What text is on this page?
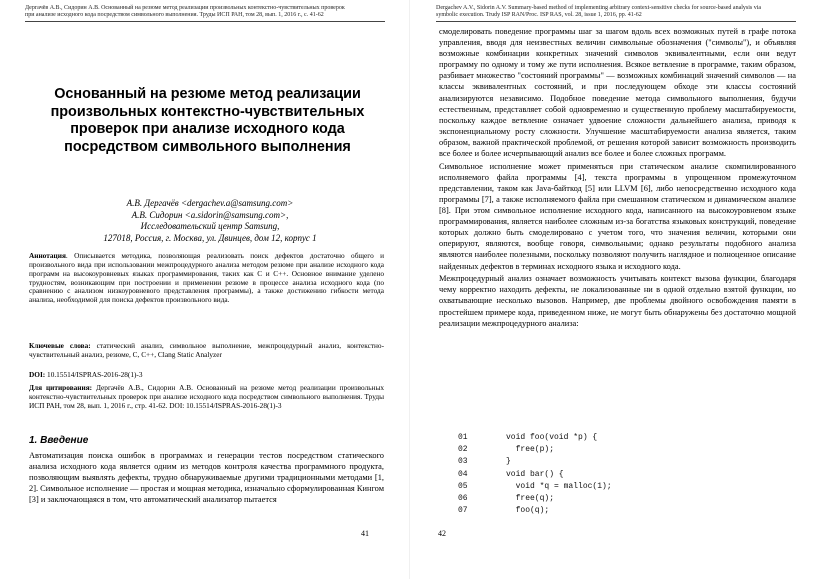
Дергачёв А.В., Сидорин А.В. Основанный на резюме метод реализации произвольных контекстно-чувствительных проверок при анализе исходного кода посредством символьного выполнения. Труды ИСП РАН, том 28, вып. 1, 2016 г., с. 41-62
Основанный на резюме метод реализации произвольных контекстно-чувствительных проверок при анализе исходного кода посредством символьного выполнения
А.В. Дергачёв <dergachev.a@samsung.com>
А.В. Сидорин <a.sidorin@samsung.com>,
Исследовательский центр Samsung,
127018, Россия, г. Москва, ул. Двинцев, дом 12, корпус 1
Аннотация. Описывается методика, позволяющая реализовать поиск дефектов достаточно общего и произвольного вида при использовании межпроцедурного анализа методом резюме при анализе исходного кода программ на высокоуровневых языках программирования, таких как C и C++. Основное внимание уделено трудностям, возникающим при построении и применении резюме в процессе анализа исходного кода (по сравнению с анализом низкоуровневого представления программы), а также достижению гибкости метода анализа, необходимой для поиска дефектов произвольного вида.
Ключевые слова: статический анализ, символьное выполнение, межпроцедурный анализ, контекстно-чувствительный анализ, резюме, C, C++, Clang Static Analyzer
DOI: 10.15514/ISPRAS-2016-28(1)-3
Для цитирования: Дергачёв А.В., Сидорин А.В. Основанный на резюме метод реализации произвольных контекстно-чувствительных проверок при анализе исходного кода посредством символьного выполнения. Труды ИСП РАН, том 28, вып. 1, 2016 г., стр. 41-62. DOI: 10.15514/ISPRAS-2016-28(1)-3
1. Введение
Автоматизация поиска ошибок в программах и генерации тестов посредством статического анализа исходного кода является одним из методов контроля качества программного продукта, позволяющим выявлять дефекты, трудно обнаруживаемые другими традиционными методами [1, 2]. Символьное исполнение — простая и мощная методика, изначально сформулированная Кингом [3] и заключающаяся в том, что автоматический анализатор пытается
41
Dergachev A.V., Sidorin A.V. Summary-based method of implementing arbitrary context-sensitive checks for source-based analysis via symbolic execution. Trudy ISP RAN/Proc. ISP RAS, vol. 28, issue 1, 2016, pp. 41-62

смоделировать поведение программы шаг за шагом вдоль всех возможных путей в графе потока управления, вводя для неизвестных величин символьные обозначения ("символы"), и объявляя возможные комбинации конкретных значений символов эквивалентными, если они ведут программу по одному и тому же пути исполнения. Всякое ветвление в программе, таким образом, разбивает множество "состояний программы" — возможных комбинаций значений символов — на классы эквивалентных состояний, и при последующем обходе эти классы состояний анализируются независимо. Подобное поведение метода символьного выполнения, будучи естественным, представляет собой одновременно и существенную проблему масштабируемости, поскольку каждое ветвление означает удвоение сложности дальнейшего анализа, приводя к экспоненциальному росту сложности. Улучшение масштабируемости анализа является, таким образом, важной практической проблемой, от решения которой зависит возможность производить все более и более исчерпывающий анализ все более и более сложных программ.

Символьное исполнение может применяться при статическом анализе скомпилированного исполняемого файла программы [4], текста программы в упрощенном промежуточном представлении, таком как Java-байткод [5] или LLVM [6], либо непосредственно исходного кода программы [7], а также исполняемого файла при смешанном статическом и динамическом анализе [8]. При этом символьное исполнение исходного кода, написанного на высокоуровневом языке программирования, является наиболее сложным из-за богатства языковых конструкций, поведение которых должно быть смоделировано с учетом того, что значения величин, которыми они оперируют, являются, вообще говоря, символьными; однако результаты подобного анализа являются наиболее полезными, поскольку позволяют получить наглядное и полноценное описание найденных дефектов в терминах исходного языка и исходного кода.

Межпроцедурный анализ означает возможность учитывать контекст вызова функции, благодаря чему корректно находить дефекты, не локализованные ни в одной отдельно взятой функции, но охватывающие несколько вызовов. Например, две проблемы двойного освобождения памяти в простейшем примере кода, приведенном ниже, не могут быть обнаружены без достаточно мощной реализации межпроцедурного анализа:

01	void foo(void *p) {
02	free(p);
03	}
04	void bar() {
05	void *q = malloc(1);
06	free(q);
07	foo(q);
42
